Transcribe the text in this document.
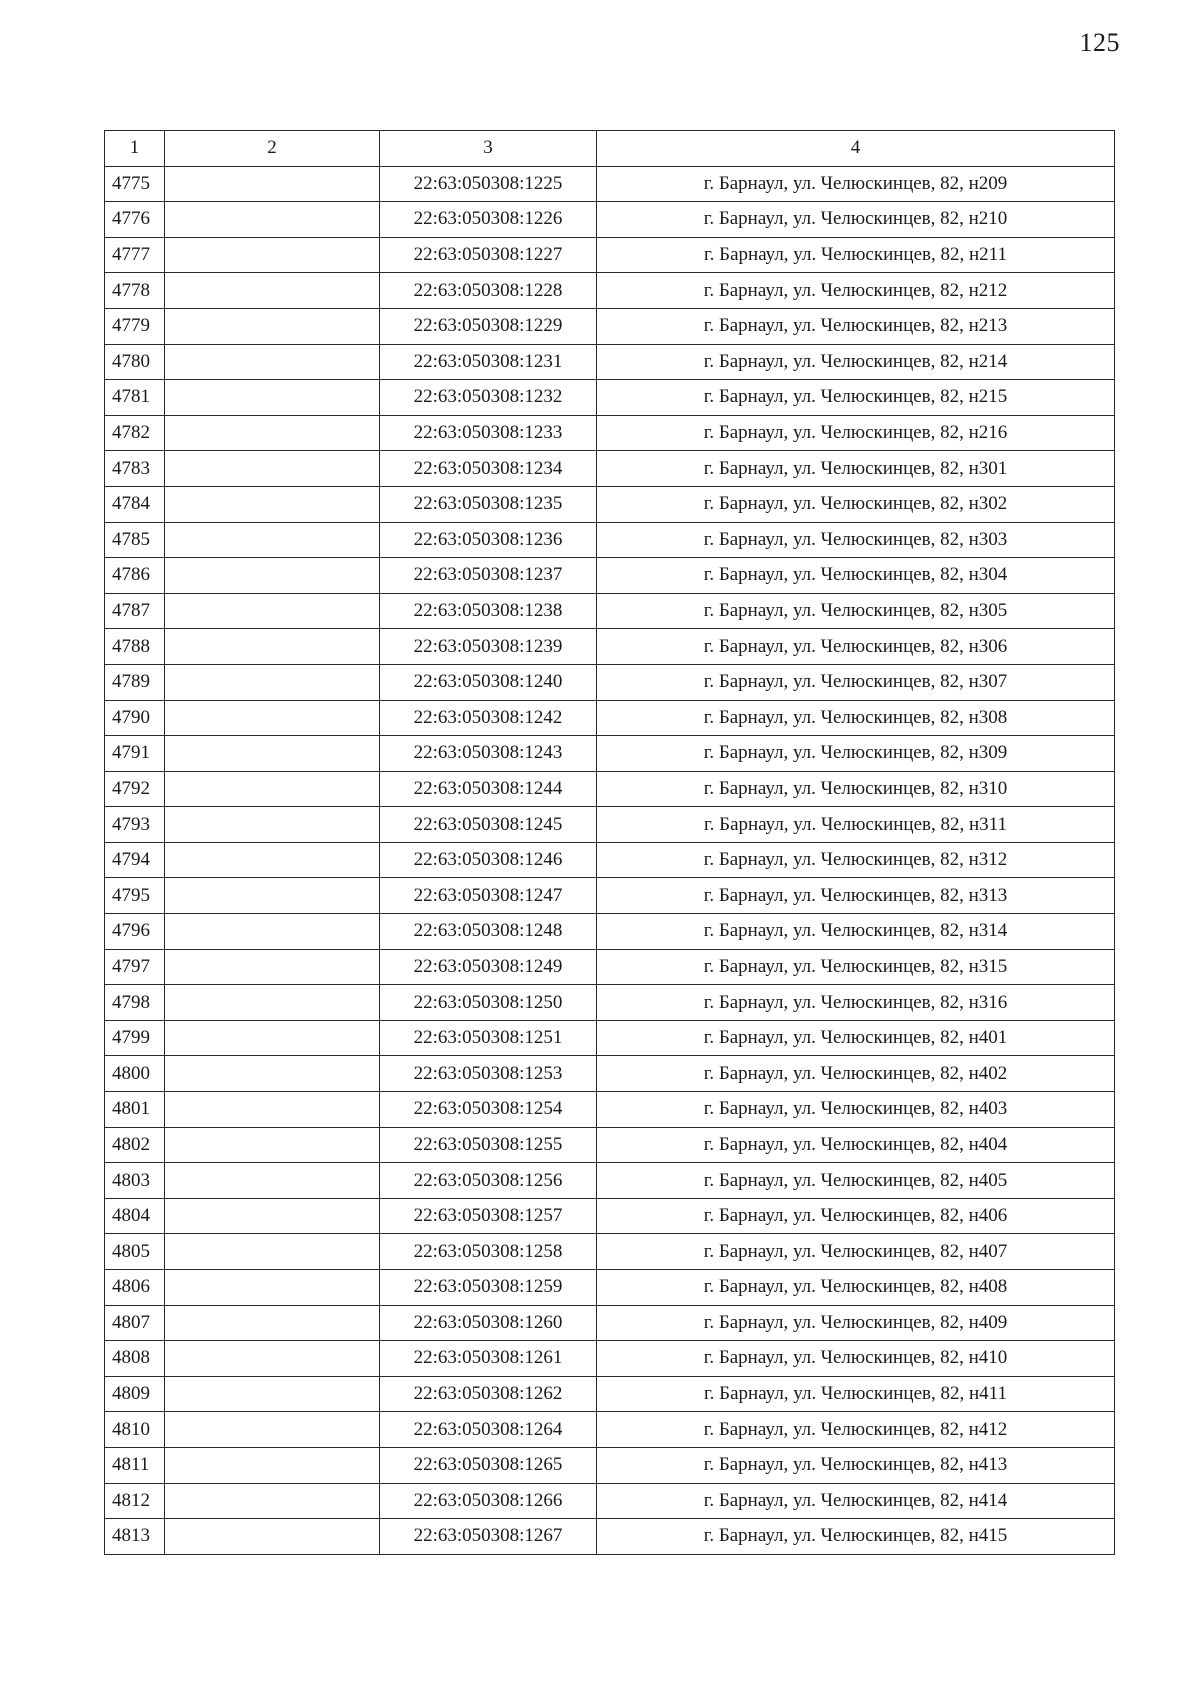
125
1	2	3	4
4775		22:63:050308:1225	г. Барнаул, ул. Челюскинцев, 82, н209
4776		22:63:050308:1226	г. Барнаул, ул. Челюскинцев, 82, н210
4777		22:63:050308:1227	г. Барнаул, ул. Челюскинцев, 82, н211
4778		22:63:050308:1228	г. Барнаул, ул. Челюскинцев, 82, н212
4779		22:63:050308:1229	г. Барнаул, ул. Челюскинцев, 82, н213
4780		22:63:050308:1231	г. Барнаул, ул. Челюскинцев, 82, н214
4781		22:63:050308:1232	г. Барнаул, ул. Челюскинцев, 82, н215
4782		22:63:050308:1233	г. Барнаул, ул. Челюскинцев, 82, н216
4783		22:63:050308:1234	г. Барнаул, ул. Челюскинцев, 82, н301
4784		22:63:050308:1235	г. Барнаул, ул. Челюскинцев, 82, н302
4785		22:63:050308:1236	г. Барнаул, ул. Челюскинцев, 82, н303
4786		22:63:050308:1237	г. Барнаул, ул. Челюскинцев, 82, н304
4787		22:63:050308:1238	г. Барнаул, ул. Челюскинцев, 82, н305
4788		22:63:050308:1239	г. Барнаул, ул. Челюскинцев, 82, н306
4789		22:63:050308:1240	г. Барнаул, ул. Челюскинцев, 82, н307
4790		22:63:050308:1242	г. Барнаул, ул. Челюскинцев, 82, н308
4791		22:63:050308:1243	г. Барнаул, ул. Челюскинцев, 82, н309
4792		22:63:050308:1244	г. Барнаул, ул. Челюскинцев, 82, н310
4793		22:63:050308:1245	г. Барнаул, ул. Челюскинцев, 82, н311
4794		22:63:050308:1246	г. Барнаул, ул. Челюскинцев, 82, н312
4795		22:63:050308:1247	г. Барнаул, ул. Челюскинцев, 82, н313
4796		22:63:050308:1248	г. Барнаул, ул. Челюскинцев, 82, н314
4797		22:63:050308:1249	г. Барнаул, ул. Челюскинцев, 82, н315
4798		22:63:050308:1250	г. Барнаул, ул. Челюскинцев, 82, н316
4799		22:63:050308:1251	г. Барнаул, ул. Челюскинцев, 82, н401
4800		22:63:050308:1253	г. Барнаул, ул. Челюскинцев, 82, н402
4801		22:63:050308:1254	г. Барнаул, ул. Челюскинцев, 82, н403
4802		22:63:050308:1255	г. Барнаул, ул. Челюскинцев, 82, н404
4803		22:63:050308:1256	г. Барнаул, ул. Челюскинцев, 82, н405
4804		22:63:050308:1257	г. Барнаул, ул. Челюскинцев, 82, н406
4805		22:63:050308:1258	г. Барнаул, ул. Челюскинцев, 82, н407
4806		22:63:050308:1259	г. Барнаул, ул. Челюскинцев, 82, н408
4807		22:63:050308:1260	г. Барнаул, ул. Челюскинцев, 82, н409
4808		22:63:050308:1261	г. Барнаул, ул. Челюскинцев, 82, н410
4809		22:63:050308:1262	г. Барнаул, ул. Челюскинцев, 82, н411
4810		22:63:050308:1264	г. Барнаул, ул. Челюскинцев, 82, н412
4811		22:63:050308:1265	г. Барнаул, ул. Челюскинцев, 82, н413
4812		22:63:050308:1266	г. Барнаул, ул. Челюскинцев, 82, н414
4813		22:63:050308:1267	г. Барнаул, ул. Челюскинцев, 82, н415
